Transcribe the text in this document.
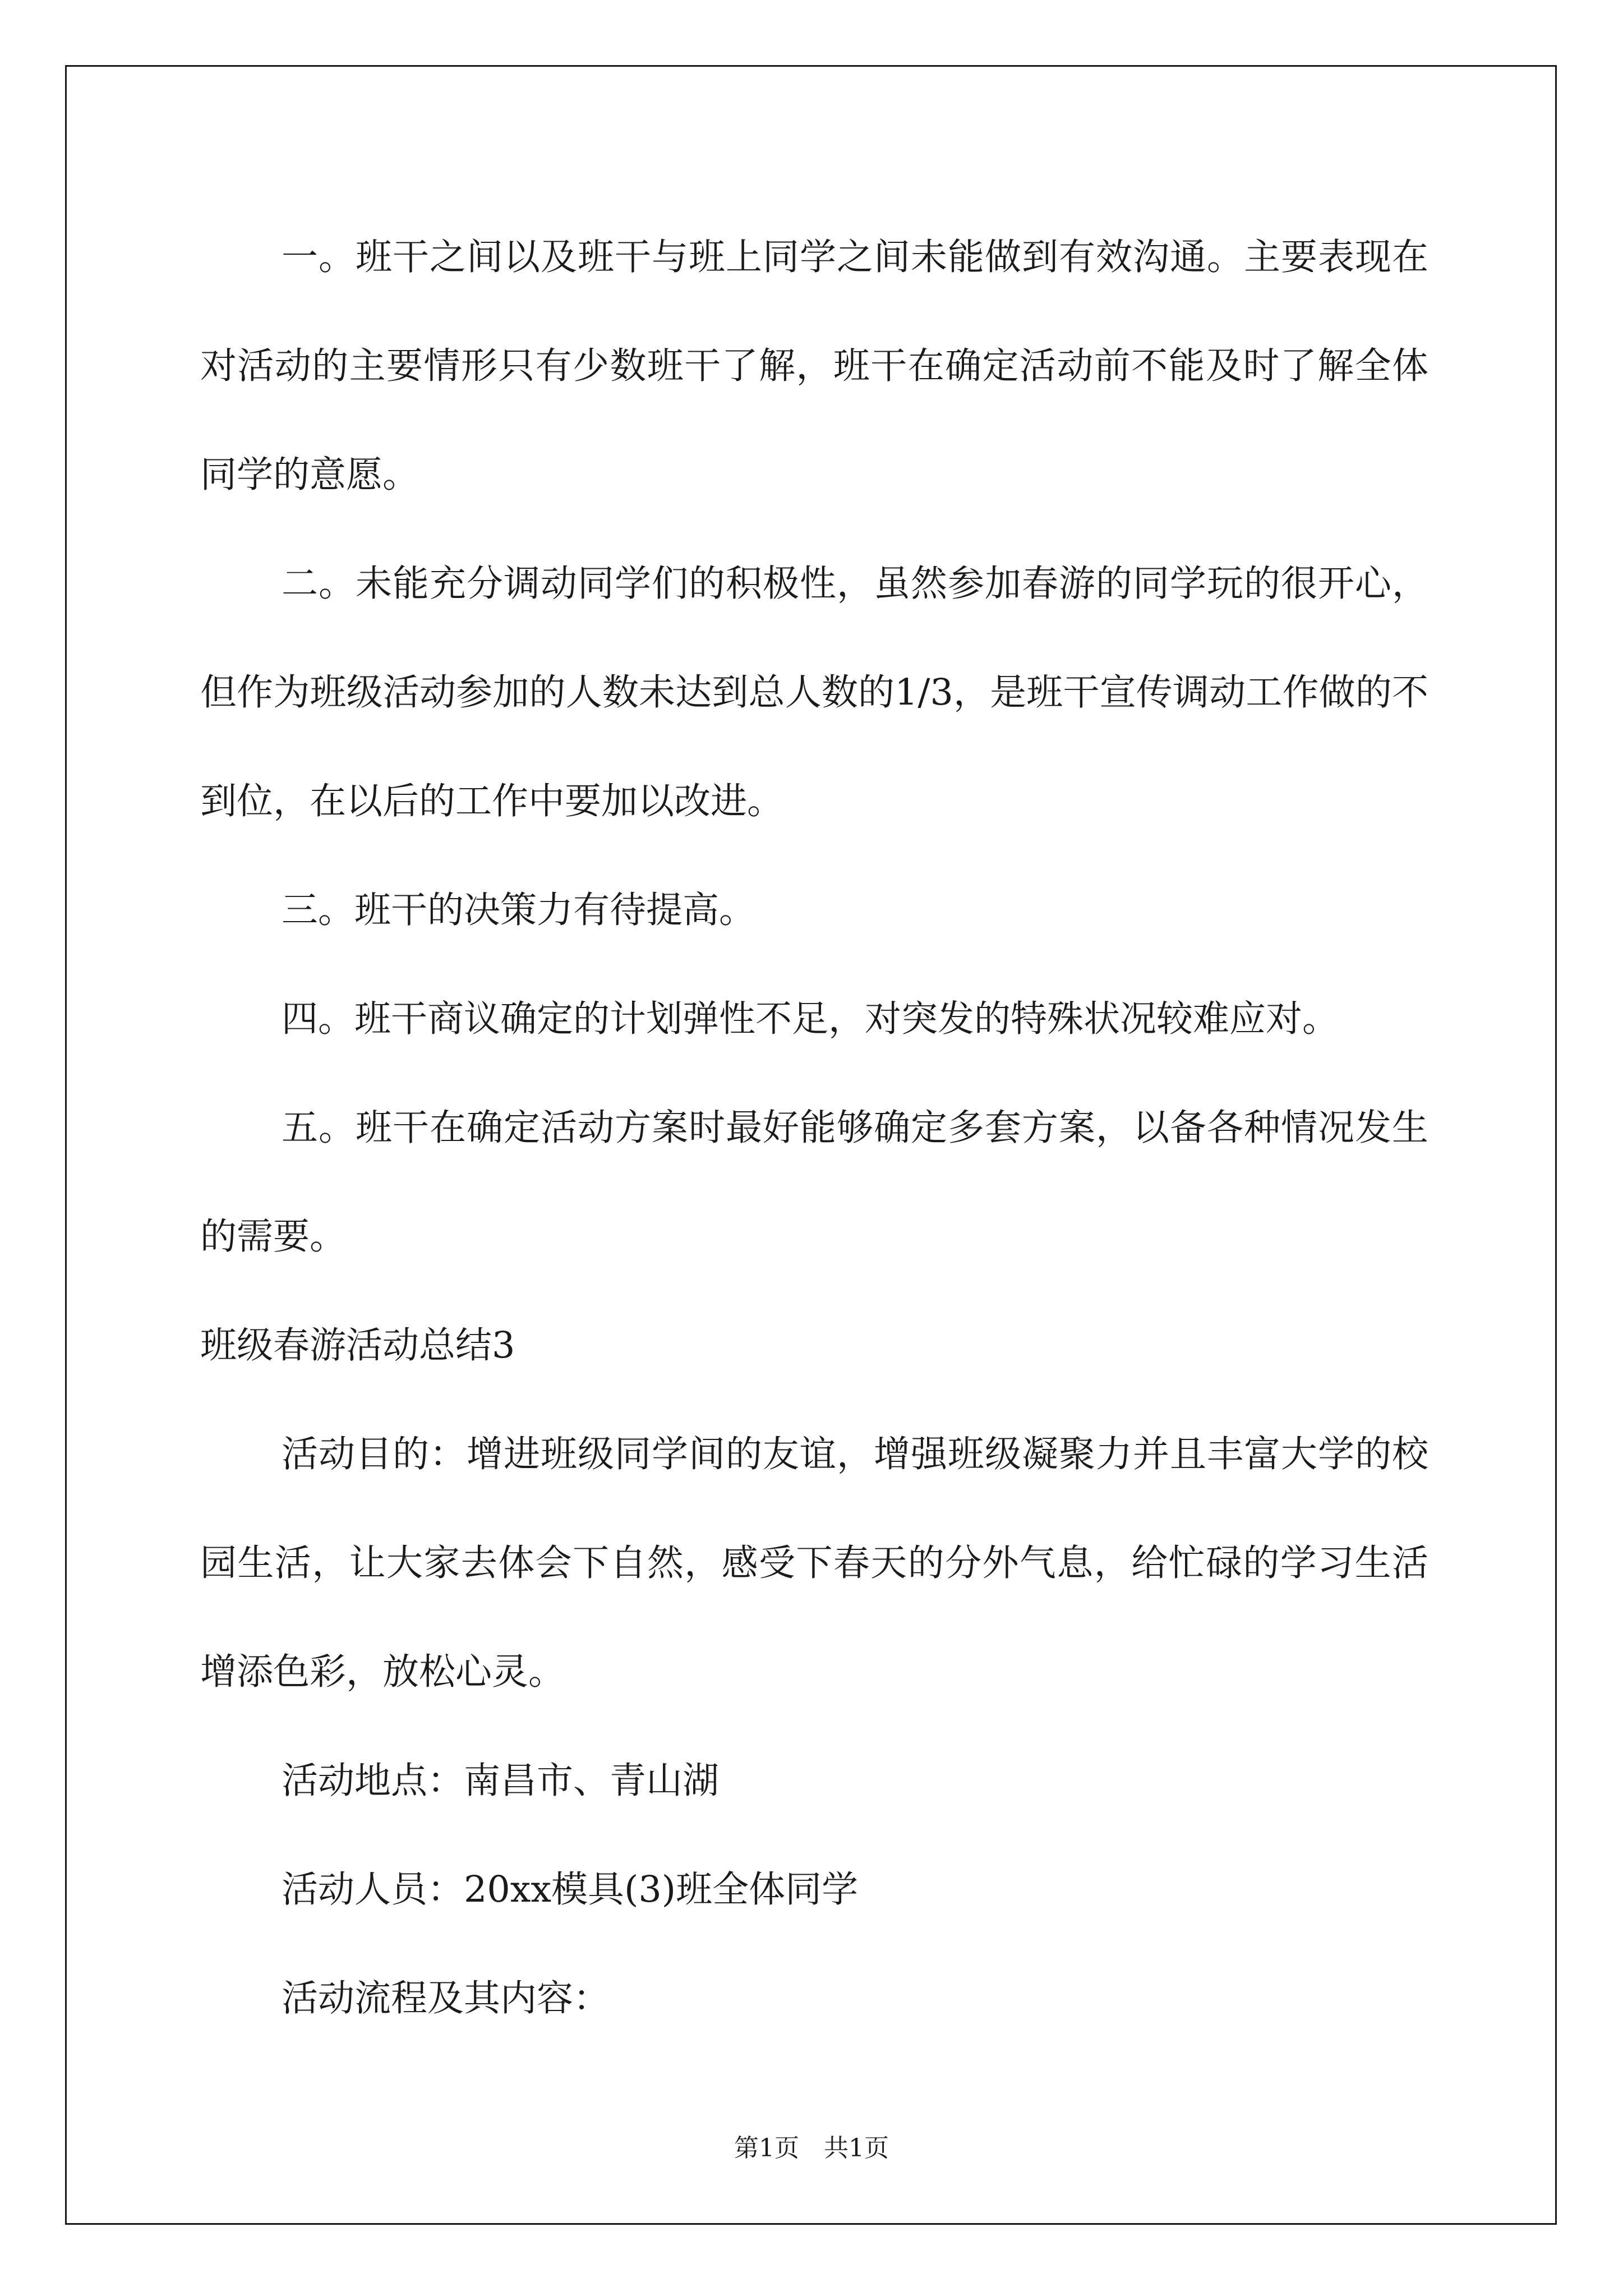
一。班干之间以及班干与班上同学之间未能做到有效沟通。主要表现在对活动的主要情形只有少数班干了解，班干在确定活动前不能及时了解全体同学的意愿。

二。未能充分调动同学们的积极性，虽然参加春游的同学玩的很开心，但作为班级活动参加的人数未达到总人数的1/3，是班干宣传调动工作做的不到位，在以后的工作中要加以改进。

三。班干的决策力有待提高。

四。班干商议确定的计划弹性不足，对突发的特殊状况较难应对。

五。班干在确定活动方案时最好能够确定多套方案，以备各种情况发生的需要。

班级春游活动总结3

活动目的：增进班级同学间的友谊，增强班级凝聚力并且丰富大学的校园生活，让大家去体会下自然，感受下春天的分外气息，给忙碌的学习生活增添色彩，放松心灵。

活动地点：南昌市、青山湖

活动人员：20xx模具(3)班全体同学

活动流程及其内容：

第1页　共1页
